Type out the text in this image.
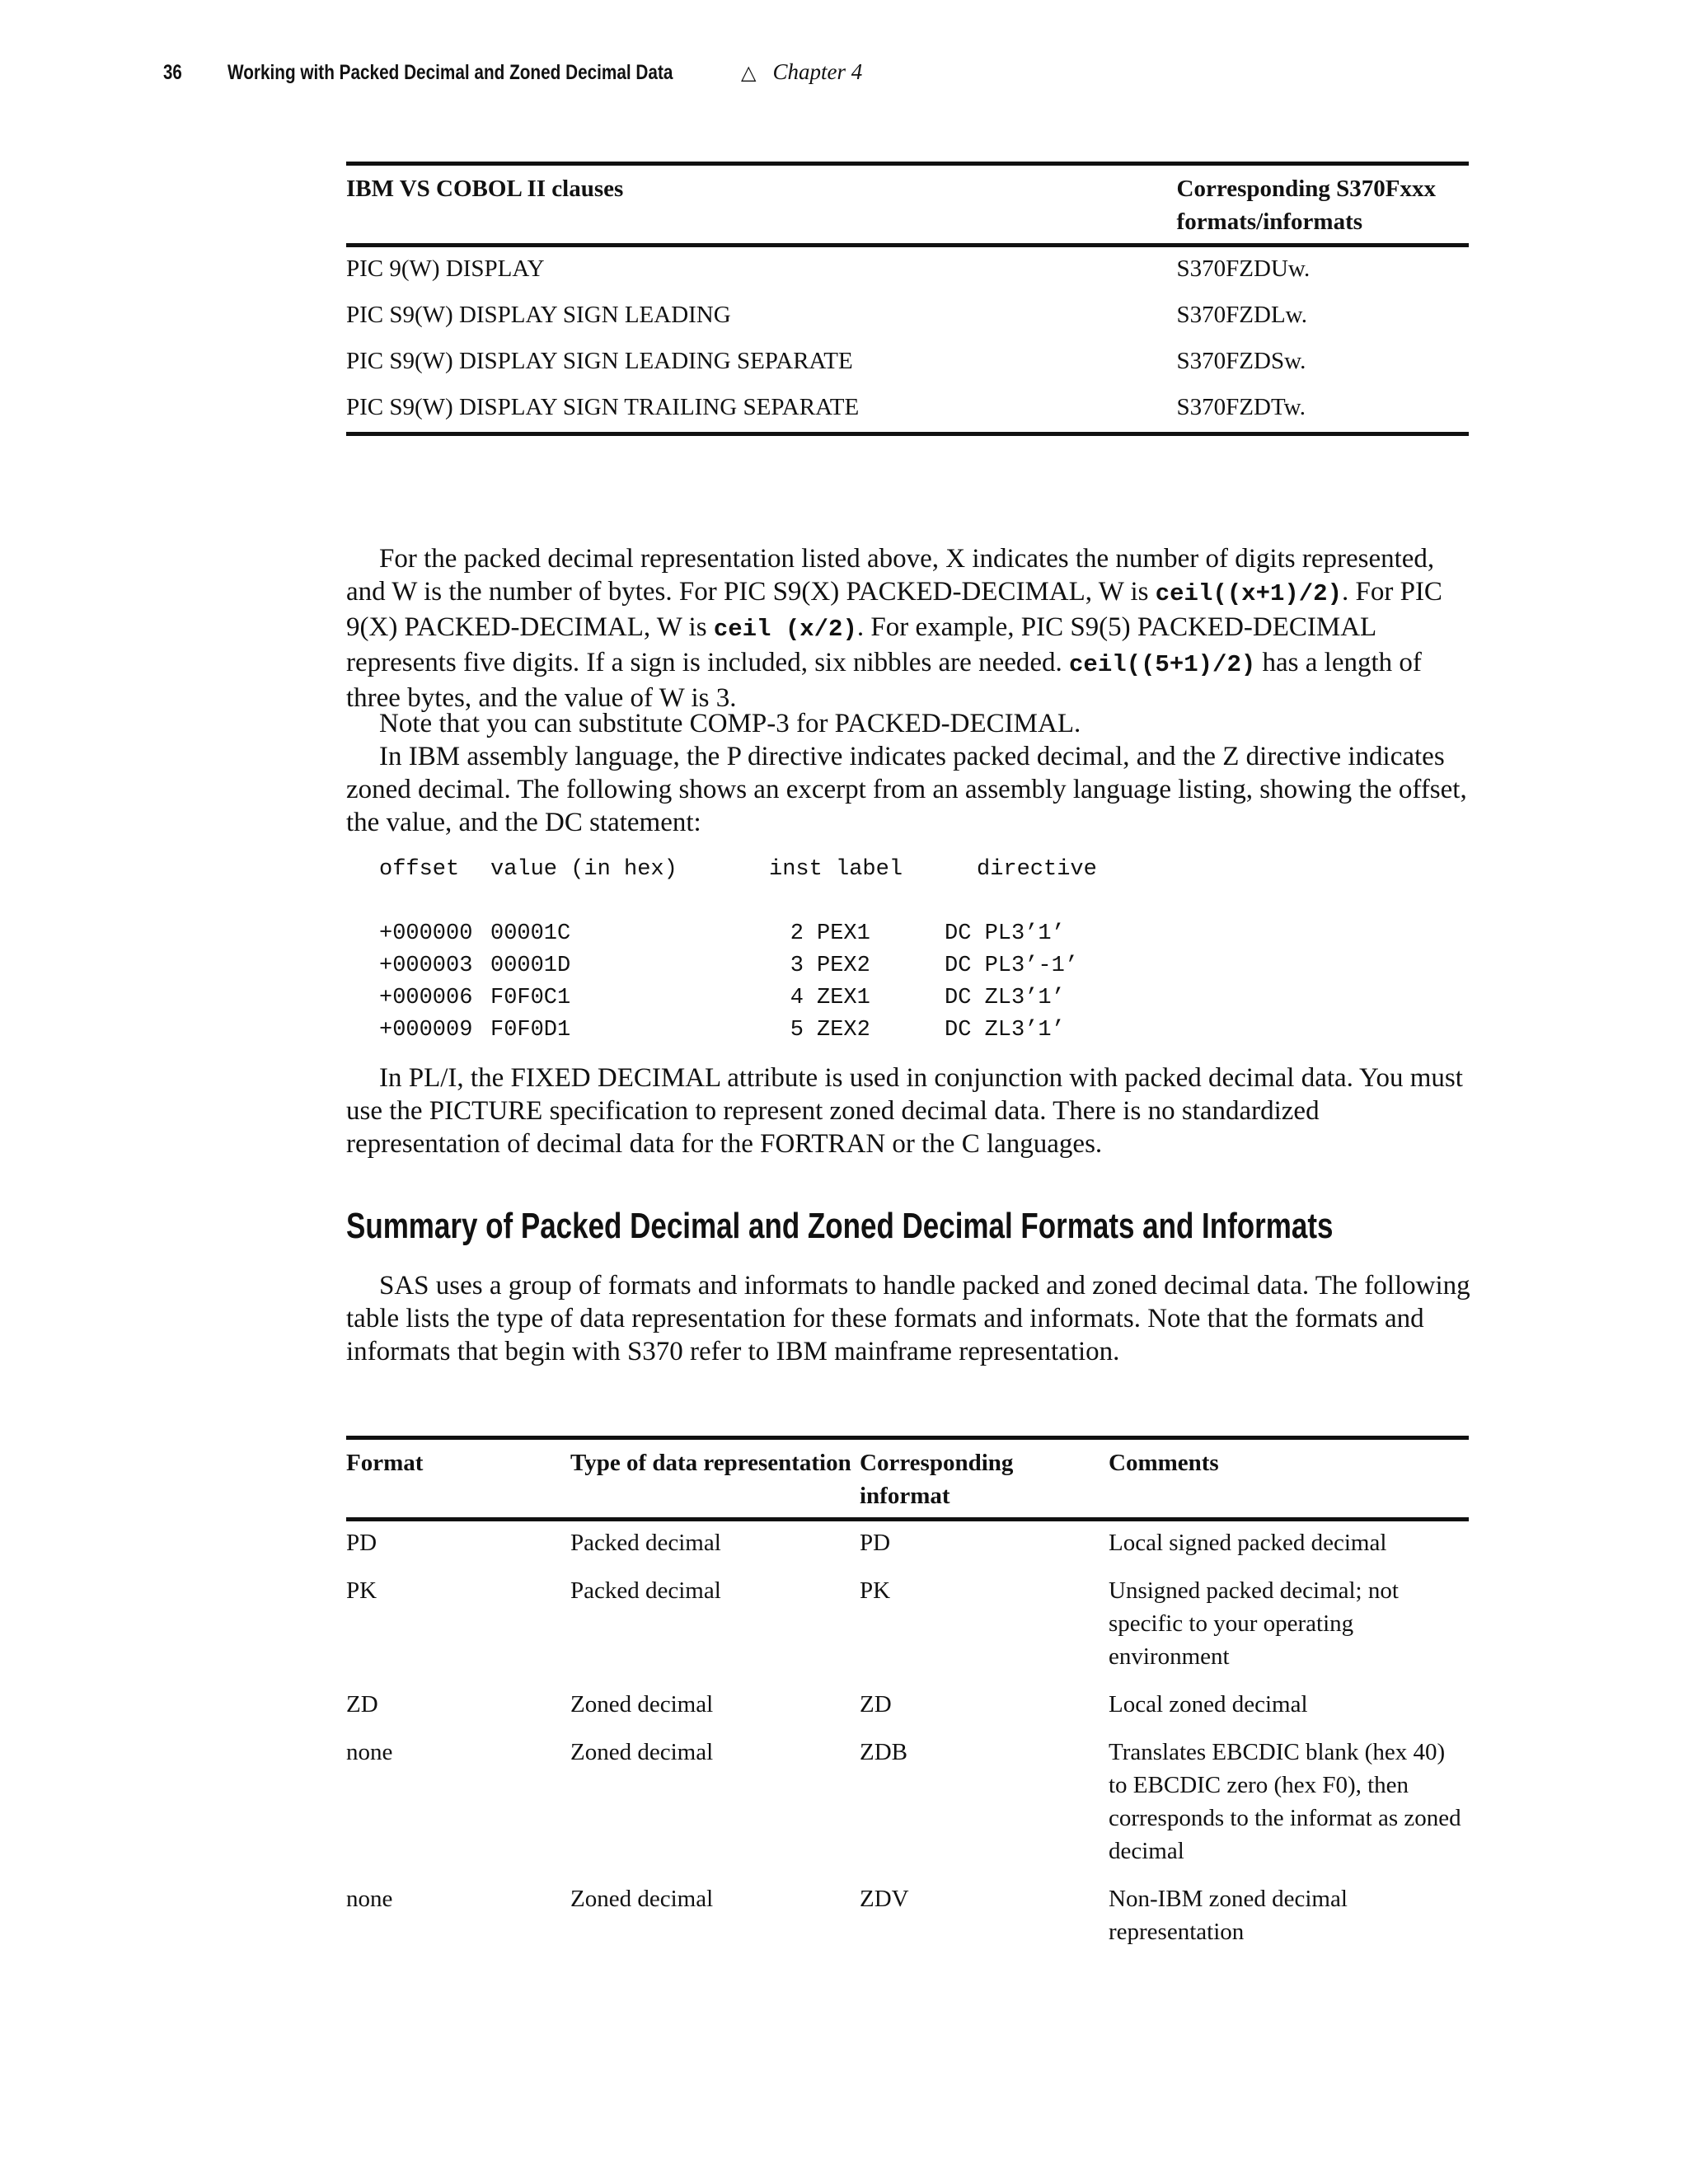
36	Working with Packed Decimal and Zoned Decimal Data	△ Chapter 4
IBM VS COBOL II clauses	Corresponding S370Fxxx formats/informats
PIC 9(W) DISPLAY	S370FZDUw.
PIC S9(W) DISPLAY SIGN LEADING	S370FZDLw.
PIC S9(W) DISPLAY SIGN LEADING SEPARATE	S370FZDSw.
PIC S9(W) DISPLAY SIGN TRAILING SEPARATE	S370FZDTw.

For the packed decimal representation listed above, X indicates the number of digits represented, and W is the number of bytes. For PIC S9(X) PACKED-DECIMAL, W is ceil((x+1)/2). For PIC 9(X) PACKED-DECIMAL, W is ceil (x/2). For example, PIC S9(5) PACKED-DECIMAL represents five digits. If a sign is included, six nibbles are needed. ceil((5+1)/2) has a length of three bytes, and the value of W is 3.

Note that you can substitute COMP-3 for PACKED-DECIMAL.

In IBM assembly language, the P directive indicates packed decimal, and the Z directive indicates zoned decimal. The following shows an excerpt from an assembly language listing, showing the offset, the value, and the DC statement:

offset	value (in hex)	inst label	directive
+000000 00001C	2 PEX1	DC PL3’1’
+000003 00001D	3 PEX2	DC PL3’-1’
+000006 F0F0C1	4 ZEX1	DC ZL3’1’
+000009 F0F0D1	5 ZEX2	DC ZL3’1’

In PL/I, the FIXED DECIMAL attribute is used in conjunction with packed decimal data. You must use the PICTURE specification to represent zoned decimal data. There is no standardized representation of decimal data for the FORTRAN or the C languages.

Summary of Packed Decimal and Zoned Decimal Formats and Informats

SAS uses a group of formats and informats to handle packed and zoned decimal data. The following table lists the type of data representation for these formats and informats. Note that the formats and informats that begin with S370 refer to IBM mainframe representation.

Format	Type of data representation	Corresponding informat	Comments
PD	Packed decimal	PD	Local signed packed decimal
PK	Packed decimal	PK	Unsigned packed decimal; not specific to your operating environment
ZD	Zoned decimal	ZD	Local zoned decimal
none	Zoned decimal	ZDB	Translates EBCDIC blank (hex 40) to EBCDIC zero (hex F0), then corresponds to the informat as zoned decimal
none	Zoned decimal	ZDV	Non-IBM zoned decimal representation
